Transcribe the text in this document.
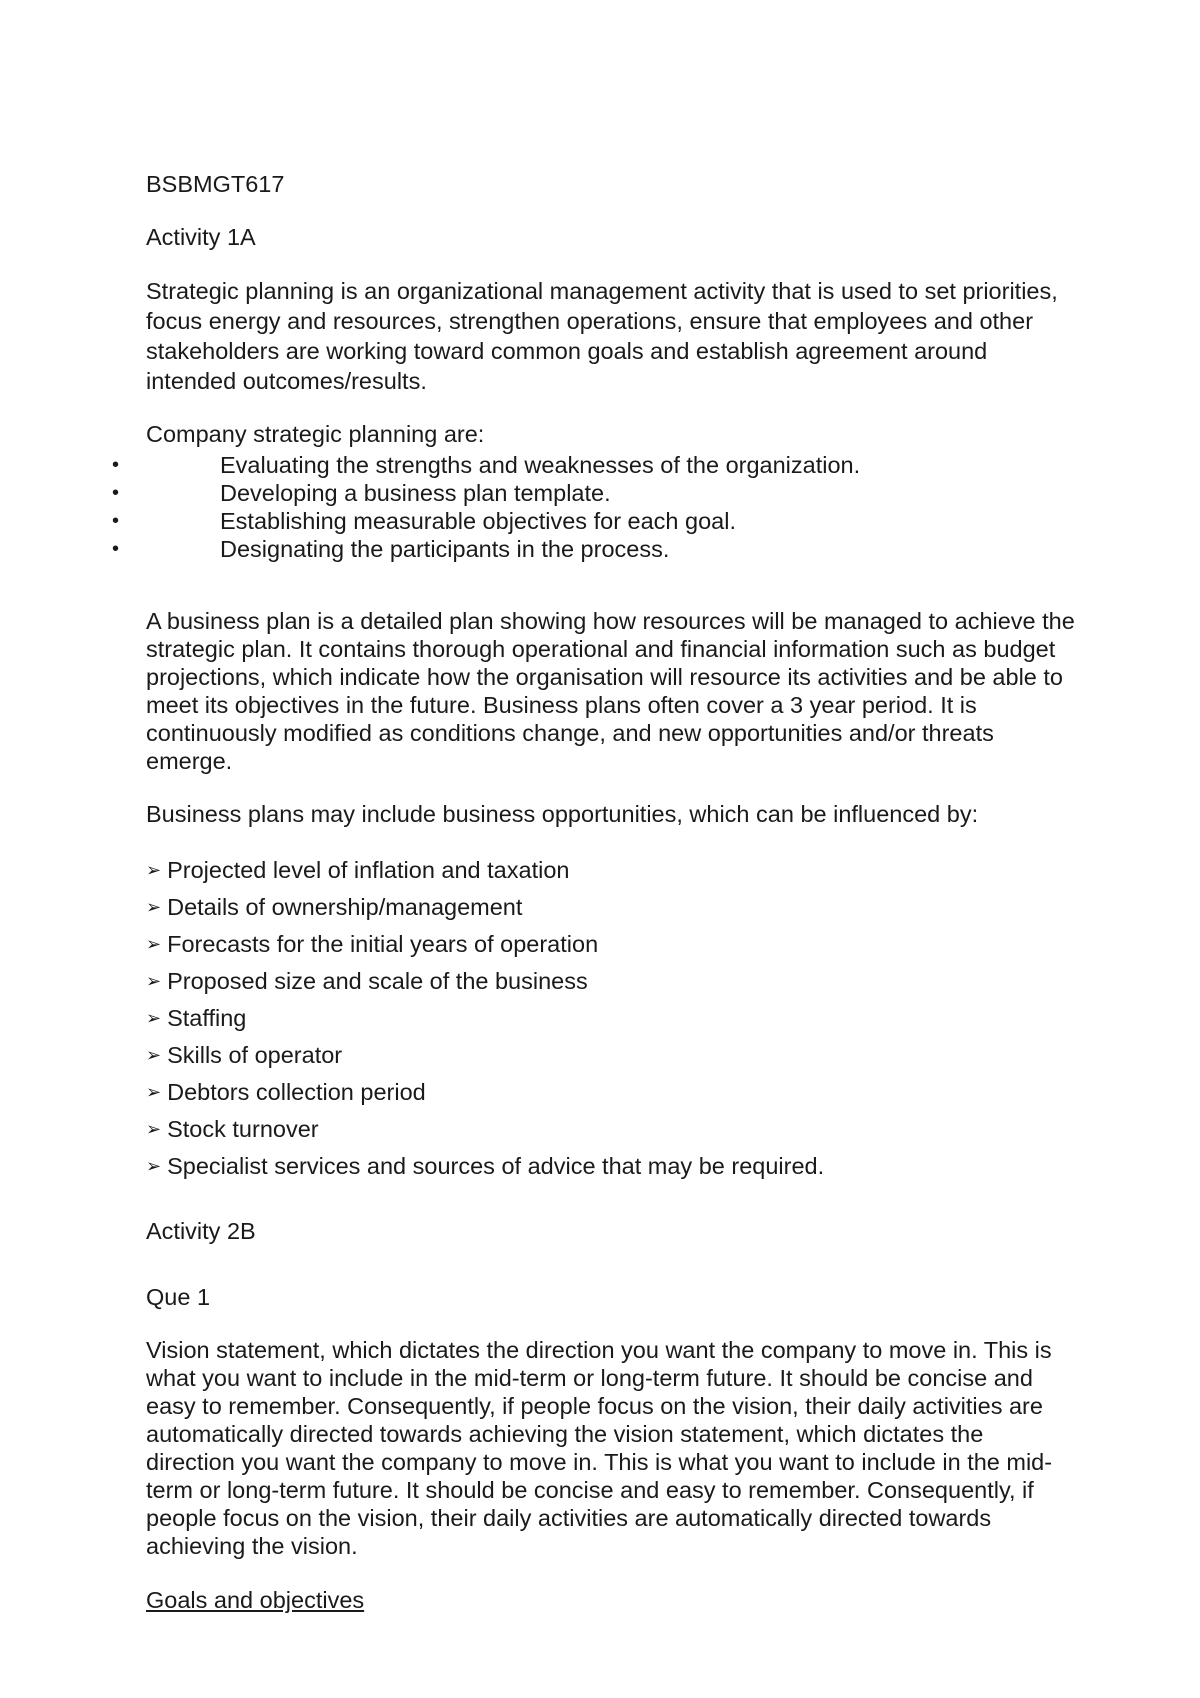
BSBMGT617

Activity 1A

Strategic planning is an organizational management activity that is used to set priorities, focus energy and resources, strengthen operations, ensure that employees and other stakeholders are working toward common goals and establish agreement around intended outcomes/results.

Company strategic planning are:

•	Evaluating the strengths and weaknesses of the organization.
•	Developing a business plan template.
•	Establishing measurable objectives for each goal.
•	Designating the participants in the process.

A business plan is a detailed plan showing how resources will be managed to achieve the strategic plan. It contains thorough operational and financial information such as budget projections, which indicate how the organisation will resource its activities and be able to meet its objectives in the future. Business plans often cover a 3 year period. It is continuously modified as conditions change, and new opportunities and/or threats emerge.

Business plans may include business opportunities, which can be influenced by:

➢ Projected level of inflation and taxation
➢ Details of ownership/management
➢ Forecasts for the initial years of operation
➢ Proposed size and scale of the business
➢ Staffing
➢ Skills of operator
➢ Debtors collection period
➢ Stock turnover
➢ Specialist services and sources of advice that may be required.

Activity 2B

Que 1

Vision statement, which dictates the direction you want the company to move in. This is what you want to include in the mid-term or long-term future. It should be concise and easy to remember. Consequently, if people focus on the vision, their daily activities are automatically directed towards achieving the vision statement, which dictates the direction you want the company to move in. This is what you want to include in the mid-term or long-term future. It should be concise and easy to remember. Consequently, if people focus on the vision, their daily activities are automatically directed towards achieving the vision.

Goals and objectives
